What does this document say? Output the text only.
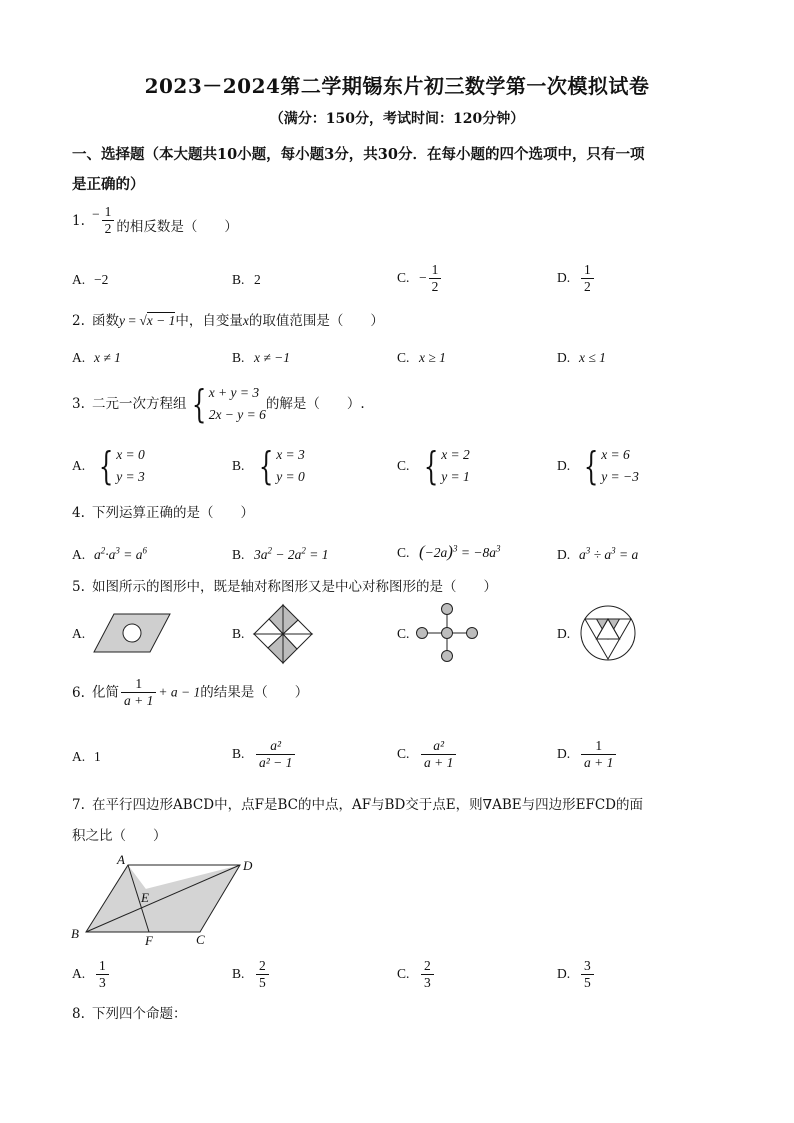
2023－2024第二学期锡东片初三数学第一次模拟试卷
（满分：150分，考试时间：120分钟）
一、选择题（本大题共10小题，每小题3分，共30分．在每小题的四个选项中，只有一项
是正确的）
1. − $\frac{1}{2}$ 的相反数是（　　）
A. −2	B. 2	C. − $\frac{1}{2}$	D. $\frac{1}{2}$
2. 函数y = √x − 1中，自变量x的取值范围是（　　）
A. x ≠ 1	B. x ≠ −1	C. x ≥ 1	D. x ≤ 1
3. 二元一次方程组 { x + y = 3
2x − y = 6
的解是（　　）.
A. { x = 0
y = 3
B. { x = 3
y = 0
C. { x = 2
y = 1
D. { x = 6
y = −3
4. 下列运算正确的是（　　）
A. $a^2\cdot a^3 = a^6$	B. $3a^2 - 2a^2 = 1$	C. $(-2a)^3 = -8a^3$	D. $a^3 \div a^3 = a$
5. 如图所示的图形中，既是轴对称图形又是中心对称图形的是（　　）
A.	B.	C.	D.
6. 化简 $\frac{1}{a + 1} + a - 1$的结果是（　　）
A. 1	B. $\frac{\text{a²}}{\text{a² − 1}}$	C. $\frac{\text{a²}}{a + 1}$	D. $\frac{1}{a + 1}$
7. 在平行四边形ABCD中，点F是BC的中点，AF与BD交于点E，则∇ABE与四边形EFCD的面
积之比（　　）
A	D
B	C
E
F
A. $\frac{1}{3}$	B. $\frac{2}{5}$	C. $\frac{2}{3}$	D. $\frac{3}{5}$
8. 下列四个命题：
